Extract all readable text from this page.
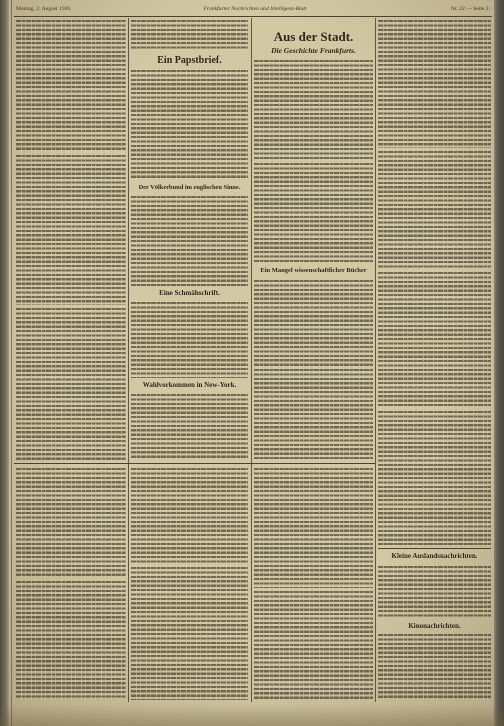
Montag, 2. August 1920.	Frankfurter Nachrichten und Intelligenz-Blatt	Nr. 22 — Seite 2.
Ein Papstbrief.
Der Völkerbund im englischen Sinne.
Eine Schmähschrift.
Wahlvorkommen in New-York.
Aus der Stadt.
Die Geschichte Frankfurts.
Ein Mangel wissenschaftlicher Bücher
Kleine Auslandsnachrichten.
Kinonachrichten.
